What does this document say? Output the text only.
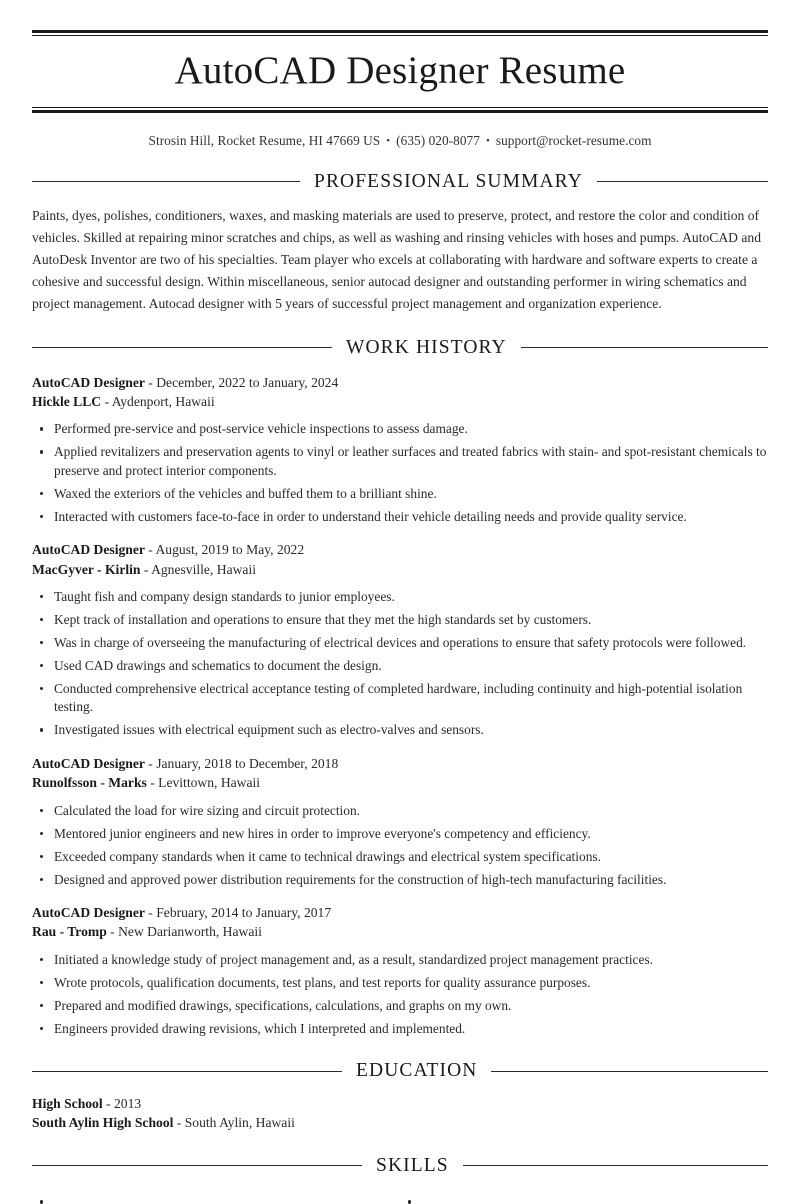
AutoCAD Designer Resume
Strosin Hill, Rocket Resume, HI 47669 US • (635) 020-8077 • support@rocket-resume.com
PROFESSIONAL SUMMARY

Paints, dyes, polishes, conditioners, waxes, and masking materials are used to preserve, protect, and restore the color and condition of vehicles. Skilled at repairing minor scratches and chips, as well as washing and rinsing vehicles with hoses and pumps. AutoCAD and AutoDesk Inventor are two of his specialties. Team player who excels at collaborating with hardware and software experts to create a cohesive and successful design. Within miscellaneous, senior autocad designer and outstanding performer in wiring schematics and project management. Autocad designer with 5 years of successful project management and organization experience.

WORK HISTORY
AutoCAD Designer - December, 2022 to January, 2024
Hickle LLC - Aydenport, Hawaii
Performed pre-service and post-service vehicle inspections to assess damage.
Applied revitalizers and preservation agents to vinyl or leather surfaces and treated fabrics with stain- and spot-resistant chemicals to preserve and protect interior components.
Waxed the exteriors of the vehicles and buffed them to a brilliant shine.
Interacted with customers face-to-face in order to understand their vehicle detailing needs and provide quality service.
AutoCAD Designer - August, 2019 to May, 2022
MacGyver - Kirlin - Agnesville, Hawaii
Taught fish and company design standards to junior employees.
Kept track of installation and operations to ensure that they met the high standards set by customers.
Was in charge of overseeing the manufacturing of electrical devices and operations to ensure that safety protocols were followed.
Used CAD drawings and schematics to document the design.
Conducted comprehensive electrical acceptance testing of completed hardware, including continuity and high-potential isolation testing.
Investigated issues with electrical equipment such as electro-valves and sensors.
AutoCAD Designer - January, 2018 to December, 2018
Runolfsson - Marks - Levittown, Hawaii
Calculated the load for wire sizing and circuit protection.
Mentored junior engineers and new hires in order to improve everyone's competency and efficiency.
Exceeded company standards when it came to technical drawings and electrical system specifications.
Designed and approved power distribution requirements for the construction of high-tech manufacturing facilities.
AutoCAD Designer - February, 2014 to January, 2017
Rau - Tromp - New Darianworth, Hawaii
Initiated a knowledge study of project management and, as a result, standardized project management practices.
Wrote protocols, qualification documents, test plans, and test reports for quality assurance purposes.
Prepared and modified drawings, specifications, calculations, and graphs on my own.
Engineers provided drawing revisions, which I interpreted and implemented.
EDUCATION
High School - 2013
South Aylin High School - South Aylin, Hawaii
SKILLS
